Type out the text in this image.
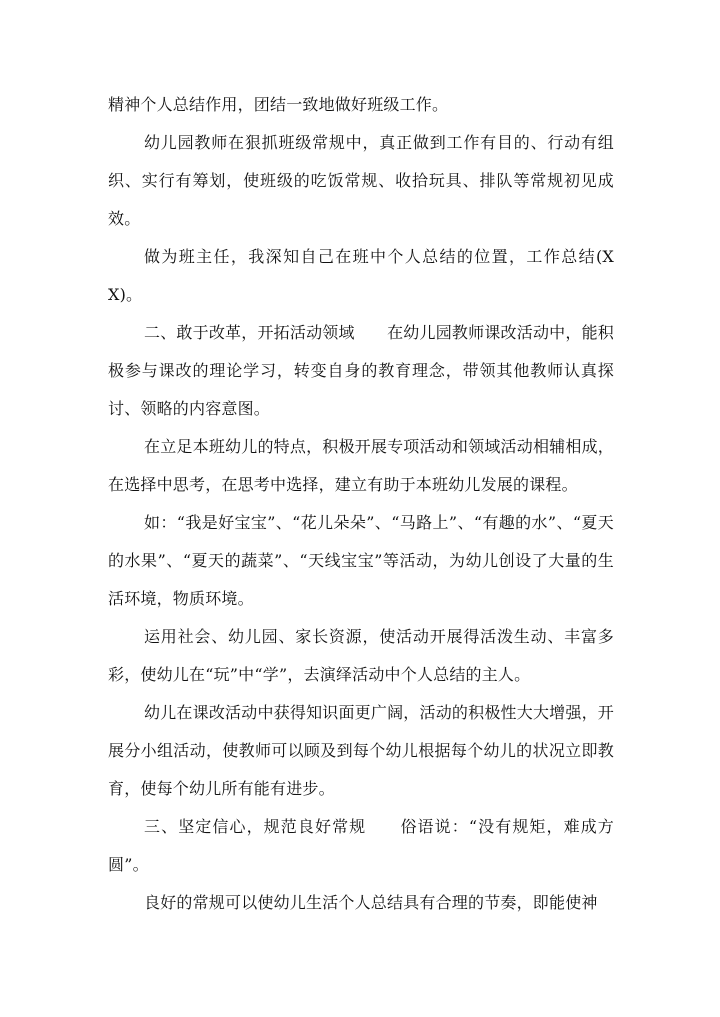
精神个人总结作用，团结一致地做好班级工作。

幼儿园教师在狠抓班级常规中，真正做到工作有目的、行动有组织、实行有筹划，使班级的吃饭常规、收拾玩具、排队等常规初见成效。

做为班主任，我深知自己在班中个人总结的位置，工作总结(XX)。

二、敢于改革，开拓活动领域　　在幼儿园教师课改活动中，能积极参与课改的理论学习，转变自身的教育理念，带领其他教师认真探讨、领略的内容意图。

在立足本班幼儿的特点，积极开展专项活动和领域活动相辅相成，在选择中思考，在思考中选择，建立有助于本班幼儿发展的课程。

如：“我是好宝宝”、“花儿朵朵”、“马路上”、“有趣的水”、“夏天的水果”、“夏天的蔬菜”、“天线宝宝”等活动，为幼儿创设了大量的生活环境，物质环境。

运用社会、幼儿园、家长资源，使活动开展得活泼生动、丰富多彩，使幼儿在“玩”中“学”，去演绎活动中个人总结的主人。

幼儿在课改活动中获得知识面更广阔，活动的积极性大大增强，开展分小组活动，使教师可以顾及到每个幼儿根据每个幼儿的状况立即教育，使每个幼儿所有能有进步。

三、坚定信心，规范良好常规　　俗语说：“没有规矩，难成方圆”。

良好的常规可以使幼儿生活个人总结具有合理的节奏，即能使神
